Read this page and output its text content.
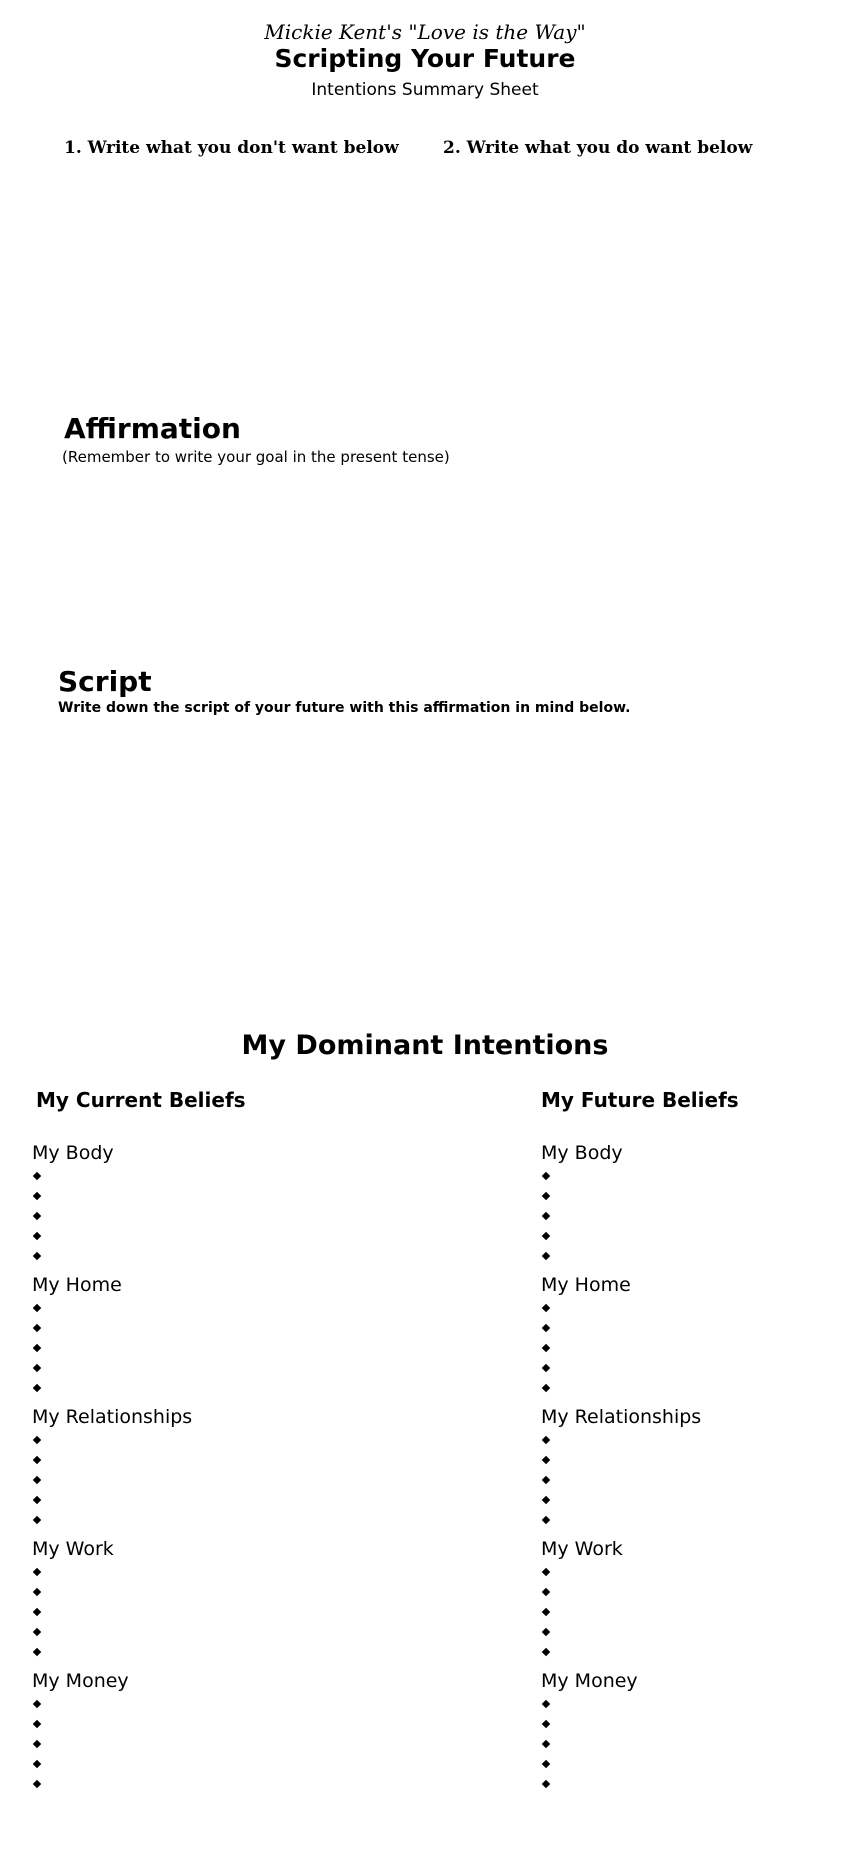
Mickie Kent's "Love is the Way"
Scripting Your Future
Intentions Summary Sheet
1. Write what you don't want below	2. Write what you do want below
Affirmation
(Remember to write your goal in the present tense)
Script
Write down the script of your future with this affirmation in mind below.
My Dominant Intentions
My Current Beliefs	My Future Beliefs
My Body
My Home
My Relationships
My Work
My Money
My Body
My Home
My Relationships
My Work
My Money
